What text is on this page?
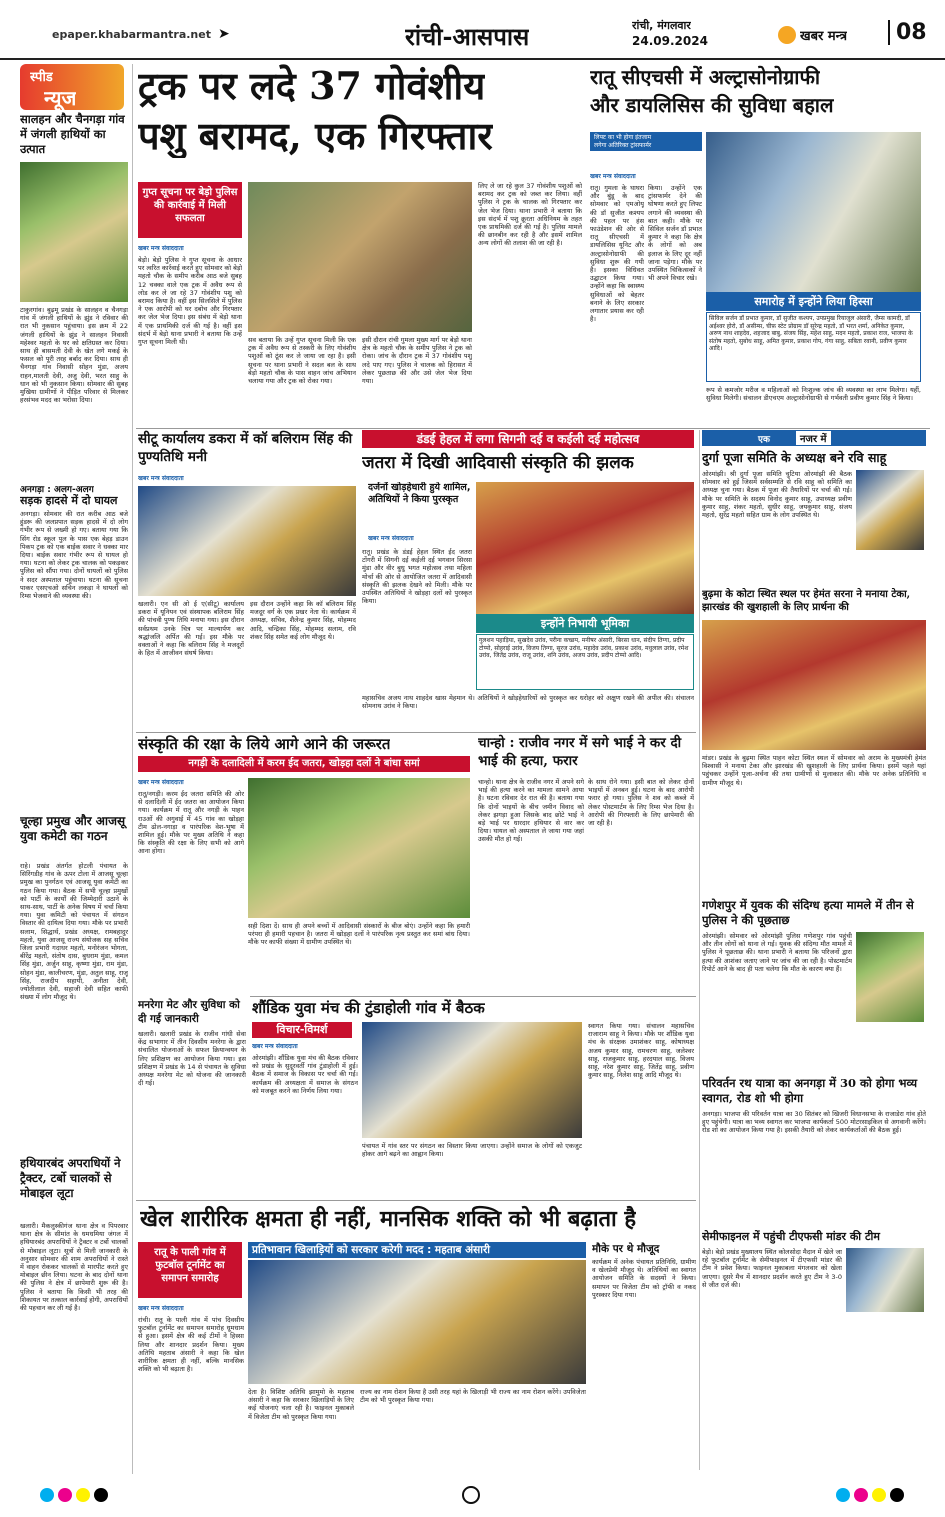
epaper.khabarmantra.net ➤	रांची-आसपास	रांची, मंगलवार
24.09.2024	खबर मन्त्र	08
स्पीड
न्यूज
सालहन और चैनगड़ा गांव में जंगली हाथियों का उत्पात
टाकुरगांव। बुढ़मू प्रखंड के सालहन व चैनगड़ा गांव में जंगली हाथियों के झुंड ने रविवार की रात भी नुकसान पहुंचाया। इस क्रम में 22 जंगली हाथियों के झुंड ने सालहन निवासी महेश्वर महतो के घर को क्षतिग्रस्त कर दिया। साथ ही बासमती देवी के खेत लगे मकई के फसल को पूरी तरह बर्बाद कर दिया। साथ ही चैनगड़ा गांव निवासी सोहन मुंडा, अजय राहन,मालती देवी, अजु देवी, भरत साहु के धान को भी नुकसान किया। सोमवार की सुबह मुखिया ग्रामीणों ने पीड़ित परिवार से मिलकर हरसंभव मदद का भरोसा दिया।
अनगड़ा : अलग-अलग
सड़क हादसे में दो घायल
अनगड़ा। सोमवार की रात करीब आठ बजे हुंडरू की जलप्रपात सड़क हादसे में दो लोग गंभीर रूप से जख्मी हो गए। बताया गया कि सिंग रोड स्कूल पुल के पास एक बेहड़ डाउन पिकप ट्रक को एक बाईक सवार ने धक्का मार दिया। बाईक सवार गंभीर रूप से घायल हो गया। घटना को लेकर ट्रक चालक को पकड़कर पुलिस को सौंपा गया। दोनों घायलों को पुलिस ने सदर अस्पताल पहुंचाया। घटना की सूचना पाकर एसएचओ सचिन लकड़ा ने घायलों को रिम्स भेजवाने की व्यवस्था की।
चूल्हा प्रमुख और आजसू युवा कमेटी का गठन
राहे। प्रखंड अंतर्गत होटली पंचायत के सिरिंगडीह गांव के ऊपर टोला में आजसू चूल्हा प्रमुख का पुनर्गठन एवं आजसू युवा कमेटी का गठन किया गया। बैठक में सभी चूल्हा प्रमुखों को पार्टी के कार्यों की जिम्मेदारी उठाने के साथ-साथ, पार्टी के अनेक विषय में चर्चा किया गया। युवा कमिटी को पंचायत में संगठन विस्तार की दायित्व दिया गया। मौके पर प्रभारी सलाम, सिद्धार्थ, प्रखंड अध्यक्ष, रामबहादुर महतो, युवा आजसू राज्य संयोजक सह सचिव जिला प्रभारी गदाधर महतो, मनोरंजन भोगता, बीरेंद्र महतो, संतोष दास, बुधराम मुंडा, कमल सिंह मुंडा, अर्जुन साहू, कृष्णा मुंडा, राम मुंडा, सोहन मुंडा, कालीचरण, मुंडा, अतुल साहू, राजू सिंह, राजदीप सहायी, अनीता देवी, ज्योतीलाल देवी, सहाजी देवी सहित काफी संख्या में लोग मौजूद थे।
हथियारबंद अपराधियों ने ट्रैक्टर, टर्बो चालकों से मोबाइल लूटा
खलारी। मैकलुस्कीगंज थाना क्षेत्र व पिपरवार थाना क्षेत्र के सीमांत के धमधमिया जंगल में हथियारबंद अपराधियों ने ट्रैक्टर व टर्बो चालकों से मोबाइल लूटा। सूत्रों से मिली जानकारी के अनुसार सोमवार की शाम अपराधियों ने रास्ते में वाहन रोककर चालकों से मारपीट करते हुए मोबाइल छीन लिया। घटना के बाद दोनों थाना की पुलिस ने क्षेत्र में छापेमारी शुरू की है। पुलिस ने बताया कि किसी भी तरह की शिकायत पर तत्काल कार्रवाई होगी, अपराधियों की पहचान कर ली गई है।
ट्रक पर लदे 37 गोवंशीय
पशु बरामद, एक गिरफ्तार
गुप्त सूचना पर बेड़ो पुलिस की कार्रवाई में मिली सफलता
खबर मन्त्र संवाददाता
बेड़ो। बेड़ो पुलिस ने गुप्त सूचना के आधार पर त्वरित कार्रवाई करते हुए सोमवार को बेड़ो महतो चौक के समीप करीब आठ बजे सुबह 12 चक्का वाले एक ट्रक में अवैध रूप से लोड कर ले जा रहे 37 गोवंशीय पशु को बरामद किया है। वहीं इस सिलसिले में पुलिस ने एक आरोपी को घर दबोच और गिरफ्तार कर जेल भेज दिया। इस संबंध में बेड़ो थाना में एक प्राथमिकी दर्ज की गई है। वहीं इस संदर्भ में बेड़ो थाना प्रभारी ने बताया कि उन्हें गुप्त सूचना मिली थी।	सव बताया कि उन्हें गुप्त सूचना मिली कि एक ट्रक में अवैध रूप से तस्करी के लिए गोवंशीय पशुओं को ठूंस कर ले जाया जा रहा है। इसी सूचना पर थाना प्रभारी ने सदल बल के साथ बेड़ो महतो चौक के पास वाहन जांच अभियान चलाया गया और ट्रक को रोका गया।
इसी दौरान रांची गुमला मुख्य मार्ग पर बेड़ो थाना क्षेत्र के महतो चौक के समीप पुलिस ने ट्रक को रोका। जांच के दौरान ट्रक में 37 गोवंशीय पशु लदे पाए गए। पुलिस ने चालक को हिरासत में लेकर पूछताछ की और उसे जेल भेज दिया गया।
लिए ले जा रहे कुल 37 गोवंशीय पशुओं को बरामद कर ट्रक को जब्त कर लिया। वहीं पुलिस ने ट्रक के चालक को गिरफ्तार कर जेल भेज दिया। थाना प्रभारी ने बताया कि इस संदर्भ में पशु क्रूरता अधिनियम के तहत एक प्राथमिकी दर्ज की गई है। पुलिस मामले की छानबीन कर रही है और इसमें शामिल अन्य लोगों की तलाश की जा रही है।
रातू सीएचसी में अल्ट्रासोनोग्राफी
और डायलिसिस की सुविधा बहाल
लिफ्ट का भी होगा इंतजाम
लगेगा अतिरिक्त ट्रांसफार्मर
खबर मन्त्र संवाददाता
रातू। गुमला के घाघरा और बुंडू के बाद सोमवार को एमओयू की डॉ सुजीत कश्यप की पहल पर हंस फाउंडेशन की ओर से रातू सीएचसी में डायलिसिस यूनिट और अल्ट्रासोनोग्राफी की सुविधा शुरू की गयी है। इसका विधिवत उद्घाटन किया गया। उन्होंने कहा कि स्वास्थ्य सुविधाओं को बेहतर बनाने के लिए सरकार लगातार प्रयास कर रही है।
किया। उन्होंने एक ट्रांसफार्मर देने की घोषणा करते हुए लिफ्ट लगाने की व्यवस्था की बात कही। मौके पर सिविल सर्जन डॉ प्रभात कुमार ने कहा कि क्षेत्र के लोगों को अब इलाज के लिए दूर नहीं जाना पड़ेगा। मौके पर उपस्थित चिकित्सकों ने भी अपने विचार रखे।
समारोह में इन्होंने लिया हिस्सा
सिविल सर्जन डॉ प्रभात कुमार, डॉ सुजीत कश्यप, उपप्रमुख रियाजुल अंसारी, जैम्स कामदी, डॉ अईश्वर होरो, डॉ असीम्स, चीफ़ स्टेट प्रोग्राम डॉ सुरेन्द्र महतो, डॉ भरत शर्मा, अनिकेत कुमार, अरुण नाथ शाहदेव, शहजाद बाबु, संजय सिंह, महेश साहु, मदन महतो, प्रकाश राज, भाजपा के संतोष महतो, सुबोध साहू, अमित कुमार, प्रकाश गोप, गंगा साहु, सबिता रवानी, प्रवीण कुमार आदि।
रूप से कमजोर मरीज व महिलाओं को निःशुल्क जांच की व्यवस्था का लाभ मिलेगा। यहीं, सुविधा मिलेगी। संचालन डीएचएम अल्ट्रासोनोग्राफी से गर्भवती प्रवीण कुमार सिंह ने किया।
सीटू कार्यालय डकरा में कॉ बलिराम सिंह की पुण्यतिथि मनी
खबर मन्त्र संवाददाता
खलारी। एन सी ओ ई ए(सीटू) कार्यालय डकरा में यूनियन एवं संस्थापक बलिराम सिंह की पांचवी पुण्य तिथि मनाया गया। इस दौरान सर्वप्रथम उनके चित्र पर माल्यार्पण कर श्रद्धांजलि अर्पित की गई। इस मौके पर वक्ताओं ने कहा कि बलिराम सिंह ने मजदूरों के हित में आजीवन संघर्ष किया।
इस दौरान उन्होंने कहा कि कॉ बलिराम सिंह मजदूर वर्ग के एक प्रखर नेता थे। कार्यक्रम में अध्यक्ष, सचिव, शैलेन्द्र कुमार सिंह, मोहम्मद आदि, चन्द्रिका सिंह, मोहम्मद सलाम, रवि शंकर सिंह समेत कई लोग मौजूद थे।
डंडई हेहल में लगा सिगनी दई व कईली दई महोत्सव
जतरा में दिखी आदिवासी संस्कृति की झलक
दर्जनों खोड़हेधारी हुये शामिल, अतिथियों ने किया पुरस्कृत
खबर मन्त्र संवाददाता
रातू। प्रखंड के डंडई हेहल स्थित ईद जतरा टोंगरी में सिगनी दई कईली दई भगवान सिरसा मुंडा और वीर बुधु भगत महोत्सव तथा महिला मोर्चा की ओर से आयोजित जतरा में आदिवासी संस्कृति की झलक देखने को मिली। मौके पर उपस्थित अतिथियों ने खोड़हा दलों को पुरस्कृत किया।
इन्होंने निभायी भूमिका
गुलशन पहाड़िया, सुखदेव उरांव, परीना कच्छप, मनीषर अंसारी, बिरसा धान, संदीप तिग्गा, प्रदीप टोप्पो, सोहराई उरांव, विजय तिग्गा, सूरज उरांव, महादेव उरांव, प्रकाश उरांव, मधुलाल उरांव, रमेश उरांव, जितेंद्र उरांव, राजू उरांव, शनि उरांव, अजय उरांव, प्रदीप टोप्पो आदि।
महासचिव अजय नाथ शाहदेव खास मेहमान थे। अतिथियों ने खोड़हेधारियों को पुरस्कृत कर धरोहर को अक्षुण रखने की अपील की। संचालन सोमनाथ उरांव ने किया।
एक	नजर में
दुर्गा पूजा समिति के अध्यक्ष बने रवि साहू
ओरमांझी। श्री दुर्गा पूजा समिति चुटिया ओरमांझी की बैठक सोमवार को हुई जिसमें सर्वसम्मति से रवि साहू को समिति का अध्यक्ष चुना गया। बैठक में पूजा की तैयारियों पर चर्चा की गई। मौके पर समिति के सदस्य विनोद कुमार साहू, उपाध्यक्ष प्रवीण कुमार साहू, शंकर महतो, सुधीर साहू, जयकुमार साहू, संजय महतो, सुरेंद्र महतो सहित ग्राम के लोग उपस्थित थे।
बुढ़मा के कोटा स्थित स्थल पर हेमंत सरना ने मनाया टेका, झारखंड की खुशहाली के लिए प्रार्थना की
मांडर। प्रखंड के बुढ़मा स्थित पाहन कोटा स्थित स्थल में सोमवार को अराम के मुख्यमंत्री हेमंत विश्वासी ने मनाया टेका और झारखंड की खुशहाली के लिए प्रार्थना किया। इसमें पहले यहां पहुंचकर उन्होंने पूजा-अर्चना की तथा ग्रामीणों से मुलाकात की। मौके पर अनेक प्रतिनिधि व ग्रामीण मौजूद थे।
गणेशपुर में युवक की संदिग्ध हत्या मामले में तीन से पुलिस ने की पूछताछ
ओरमांझी। सोमवार को ओरमांझी पुलिस गणेशपुर गांव पहुंची और तीन लोगों को थाना ले गई। युवक की संदिग्ध मौत मामले में पुलिस ने पूछताछ की। थाना प्रभारी ने बताया कि परिजनों द्वारा हत्या की आशंका जताए जाने पर जांच की जा रही है। पोस्टमार्टम रिपोर्ट आने के बाद ही पता चलेगा कि मौत के कारण क्या हैं।
परिवर्तन रथ यात्रा का अनगड़ा में 30 को होगा भव्य स्वागत, रोड शो भी होगा
अनगड़ा। भाजपा की परिवर्तन यात्रा का 30 सितंबर को खिजरी विधानसभा के राजाडेरा गांव होते हुए पहुंचेगी। यात्रा का भव्य स्वागत कर भाजपा कार्यकर्ता 500 मोटरसाइकिल से अगवानी करेंगे। रोड शो का आयोजन किया गया है। इसकी तैयारी को लेकर कार्यकर्ताओं की बैठक हुई।
सेमीफाइनल में पहुंची टीएफसी मांडर की टीम
बेड़ो। बेड़ो प्रखंड मुख्यालय स्थित कोलसोदा मैदान में खेले जा रहे फुटबॉल टूर्नामेंट के सेमीफाइनल में टीएफसी मांडर की टीम ने प्रवेश किया। फाइनल मुकाबला मंगलवार को खेला जाएगा। दूसरे मैच में शानदार प्रदर्शन करते हुए टीम ने 3-0 से जीत दर्ज की।
संस्कृति की रक्षा के लिये आगे आने की जरूरत
नगड़ी के दलादिली में करम ईद जतरा, खोड़हा दलों ने बांधा समां
खबर मन्त्र संवाददाता
रातू/नगड़ी। करम ईद जतरा समिति की ओर से दलादिली में ईद जतरा का आयोजन किया गया। कार्यक्रम में रातू और नगड़ी के पाहन राउओं की अगुवाई में 45 गांव का खोड़हा टीम ढोल-नगाड़ा व पारंपरिक वेश-भूषा में शामिल हुई। मौके पर मुख्य अतिथि ने कहा कि संस्कृति की रक्षा के लिए सभी को आगे आना होगा।
सही दिशा दें। साथ ही अपने बच्चों में आदिवासी संस्कारों के बीज बोएं। उन्होंने कहा कि हमारी परंपरा ही हमारी पहचान है। जतरा में खोड़हा दलों ने पारंपरिक नृत्य प्रस्तुत कर समां बांध दिया। मौके पर काफी संख्या में ग्रामीण उपस्थित थे।
चान्हो : राजीव नगर में सगे भाई ने कर दी भाई की हत्या, फरार
चान्हो। थाना क्षेत्र के राजीव नगर में अपने सगे भाई की हत्या करने का मामला सामने आया है। घटना रविवार देर रात की है। बताया गया कि दोनों भाइयों के बीच जमीन विवाद को लेकर झगड़ा हुआ जिसके बाद छोटे भाई ने बड़े भाई पर धारदार हथियार से वार कर दिया। घायल को अस्पताल ले जाया गया जहां उसकी मौत हो गई।
के साथ रोने गया। इसी बात को लेकर दोनों भाइयों में अनबन हुई। घटना के बाद आरोपी फरार हो गया। पुलिस ने शव को कब्जे में लेकर पोस्टमार्टम के लिए रिम्स भेज दिया है। आरोपी की गिरफ्तारी के लिए छापेमारी की जा रही है।
मनरेगा मेट और सुविधा को दी गई जानकारी
खलारी। खलारी प्रखंड के राजीव गांधी सेवा केंद्र सभागार में तीन दिवसीय मनरेगा के द्वारा संचालित योजनाओं के सफल क्रियान्वयन के लिए प्रशिक्षण का आयोजन किया गया। इस प्रशिक्षण में प्रखंड के 14 से पंचायत के सुविधा अध्यक्ष मनरेगा मेट को योजना की जानकारी दी गई।
शौंडिक युवा मंच की टुंडाहोली गांव में बैठक
विचार-विमर्श
खबर मन्त्र संवाददाता
ओरमांझी। शौंडिक युवा मंच की बैठक रविवार को प्रखंड के सुदूरवर्ती गांव टुंडाहोली में हुई। बैठक में समाज के विकास पर चर्चा की गई। कार्यक्रम की अध्यक्षता में समाज के संगठन को मजबूत करने का निर्णय लिया गया।
पंचायत में गांव स्तर पर संगठन का विस्तार किया जाएगा। उन्होंने समाज के लोगों को एकजुट होकर आगे बढ़ने का आह्वान किया।
स्वागत किया गया। संचालन महासचिव राजाराम साहू ने किया। मौके पर शौंडिक युवा मंच के संरक्षक उमाशंकर साहू, कोषाध्यक्ष अजय कुमार साहू, रामचरण साहू, जलेश्वर साहू, राजकुमार साहू, हरदयाल साहू, विजय साहू, नरेश कुमार साहू, जितेंद्र साहू, प्रवीण कुमार साहू, निलेश साहू आदि मौजूद थे।
खेल शारीरिक क्षमता ही नहीं, मानसिक शक्ति को भी बढ़ाता है
रातू के पाली गांव में फुटबॉल टूर्नामेंट का समापन समारोह
खबर मन्त्र संवाददाता
रांची। रातू के पाली गांव में पांच दिवसीय फुटबॉल टूर्नामेंट का समापन समारोह धूमधाम से हुआ। इसमें क्षेत्र की कई टीमों ने हिस्सा लिया और शानदार प्रदर्शन किया। मुख्य अतिथि महताब अंसारी ने कहा कि खेल शारीरिक क्षमता ही नहीं, बल्कि मानसिक शक्ति को भी बढ़ाता है।
प्रतिभावान खिलाड़ियों को सरकार करेगी मदद : महताब अंसारी
देता है। विशिष्ट अतिथि झामुमो के महताब अंसारी ने कहा कि सरकार खिलाड़ियों के लिए कई योजनाएं चला रही है। फाइनल मुकाबले में विजेता टीम को पुरस्कृत किया गया।
राज्य का नाम रोशन किया है उसी तरह यहां के खिलाड़ी भी राज्य का नाम रोशन करेंगे। उपविजेता टीम को भी पुरस्कृत किया गया।
मौके पर थे मौजूद
कार्यक्रम में अनेक पंचायत प्रतिनिधि, ग्रामीण व खेलप्रेमी मौजूद थे। अतिथियों का स्वागत आयोजन समिति के सदस्यों ने किया। समापन पर विजेता टीम को ट्रॉफी व नकद पुरस्कार दिया गया।
